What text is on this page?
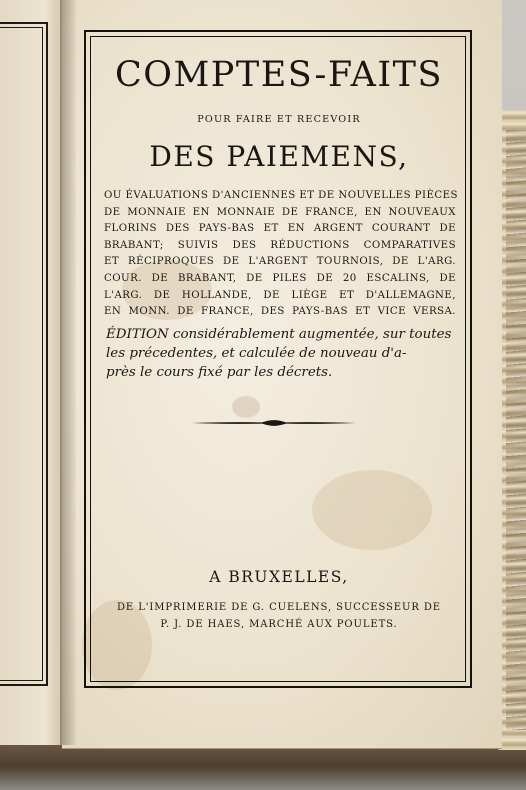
COMPTES-FAITS
POUR FAIRE ET RECEVOIR
DES PAIEMENS,
OU ÉVALUATIONS D'ANCIENNES ET DE NOUVELLES PIÈCES
DE MONNAIE EN MONNAIE DE FRANCE, EN NOUVEAUX
FLORINS DES PAYS-BAS ET EN ARGENT COURANT DE
BRABANT; SUIVIS DES RÉDUCTIONS COMPARATIVES
ET RÉCIPROQUES DE L'ARGENT TOURNOIS, DE L'ARG.
COUR. DE BRABANT, DE PILES DE 20 ESCALINS, DE
L'ARG. DE HOLLANDE, DE LIÈGE ET D'ALLEMAGNE,
EN MONN. DE FRANCE, DES PAYS-BAS ET VICE VERSA.
ÉDITION considérablement augmentée, sur toutes
les précedentes, et calculée de nouveau d'a-
près le cours fixé par les décrets.
A BRUXELLES,
DE L'IMPRIMERIE DE G. CUELENS, SUCCESSEUR DE
P. J. DE HAES, MARCHÉ AUX POULETS.
